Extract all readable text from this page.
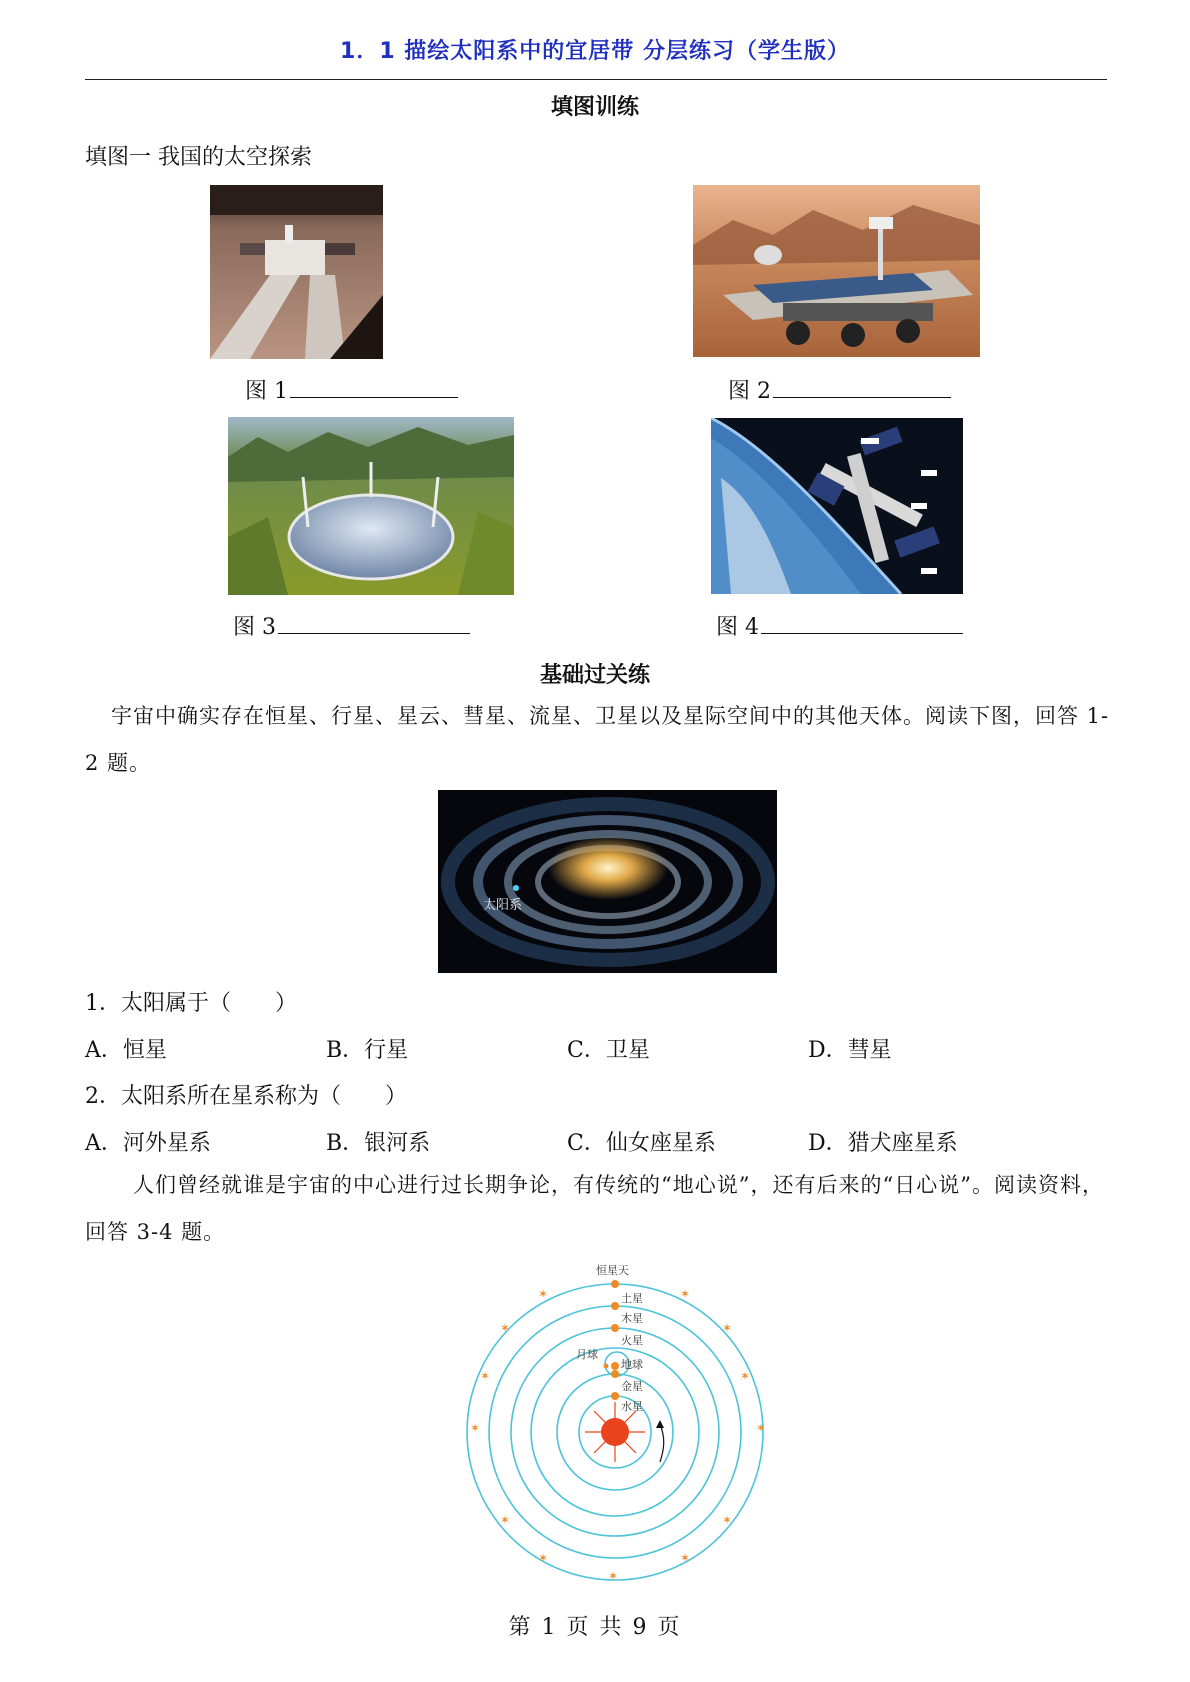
1．1 描绘太阳系中的宜居带 分层练习（学生版）
填图训练
填图一 我国的太空探索
图 1	图 2
图 3	图 4
基础过关练
宇宙中确实存在恒星、行星、星云、彗星、流星、卫星以及星际空间中的其他天体。阅读下图，回答 1-2 题。
太阳系
1．太阳属于（　　）
A．恒星	B．行星	C．卫星	D．彗星
2．太阳系所在星系称为（　　）
A．河外星系	B．银河系	C．仙女座星系	D．猎犬座星系
人们曾经就谁是宇宙的中心进行过长期争论，有传统的“地心说”，还有后来的“日心说”。阅读资料，回答 3-4 题。
✶	✶
✶
✶	✶
✶	✶
✶	✶
✶	✶
✶	✶
恒星天
土星
木星
火星
月球
地球
金星
水星
第 1 页 共 9 页
